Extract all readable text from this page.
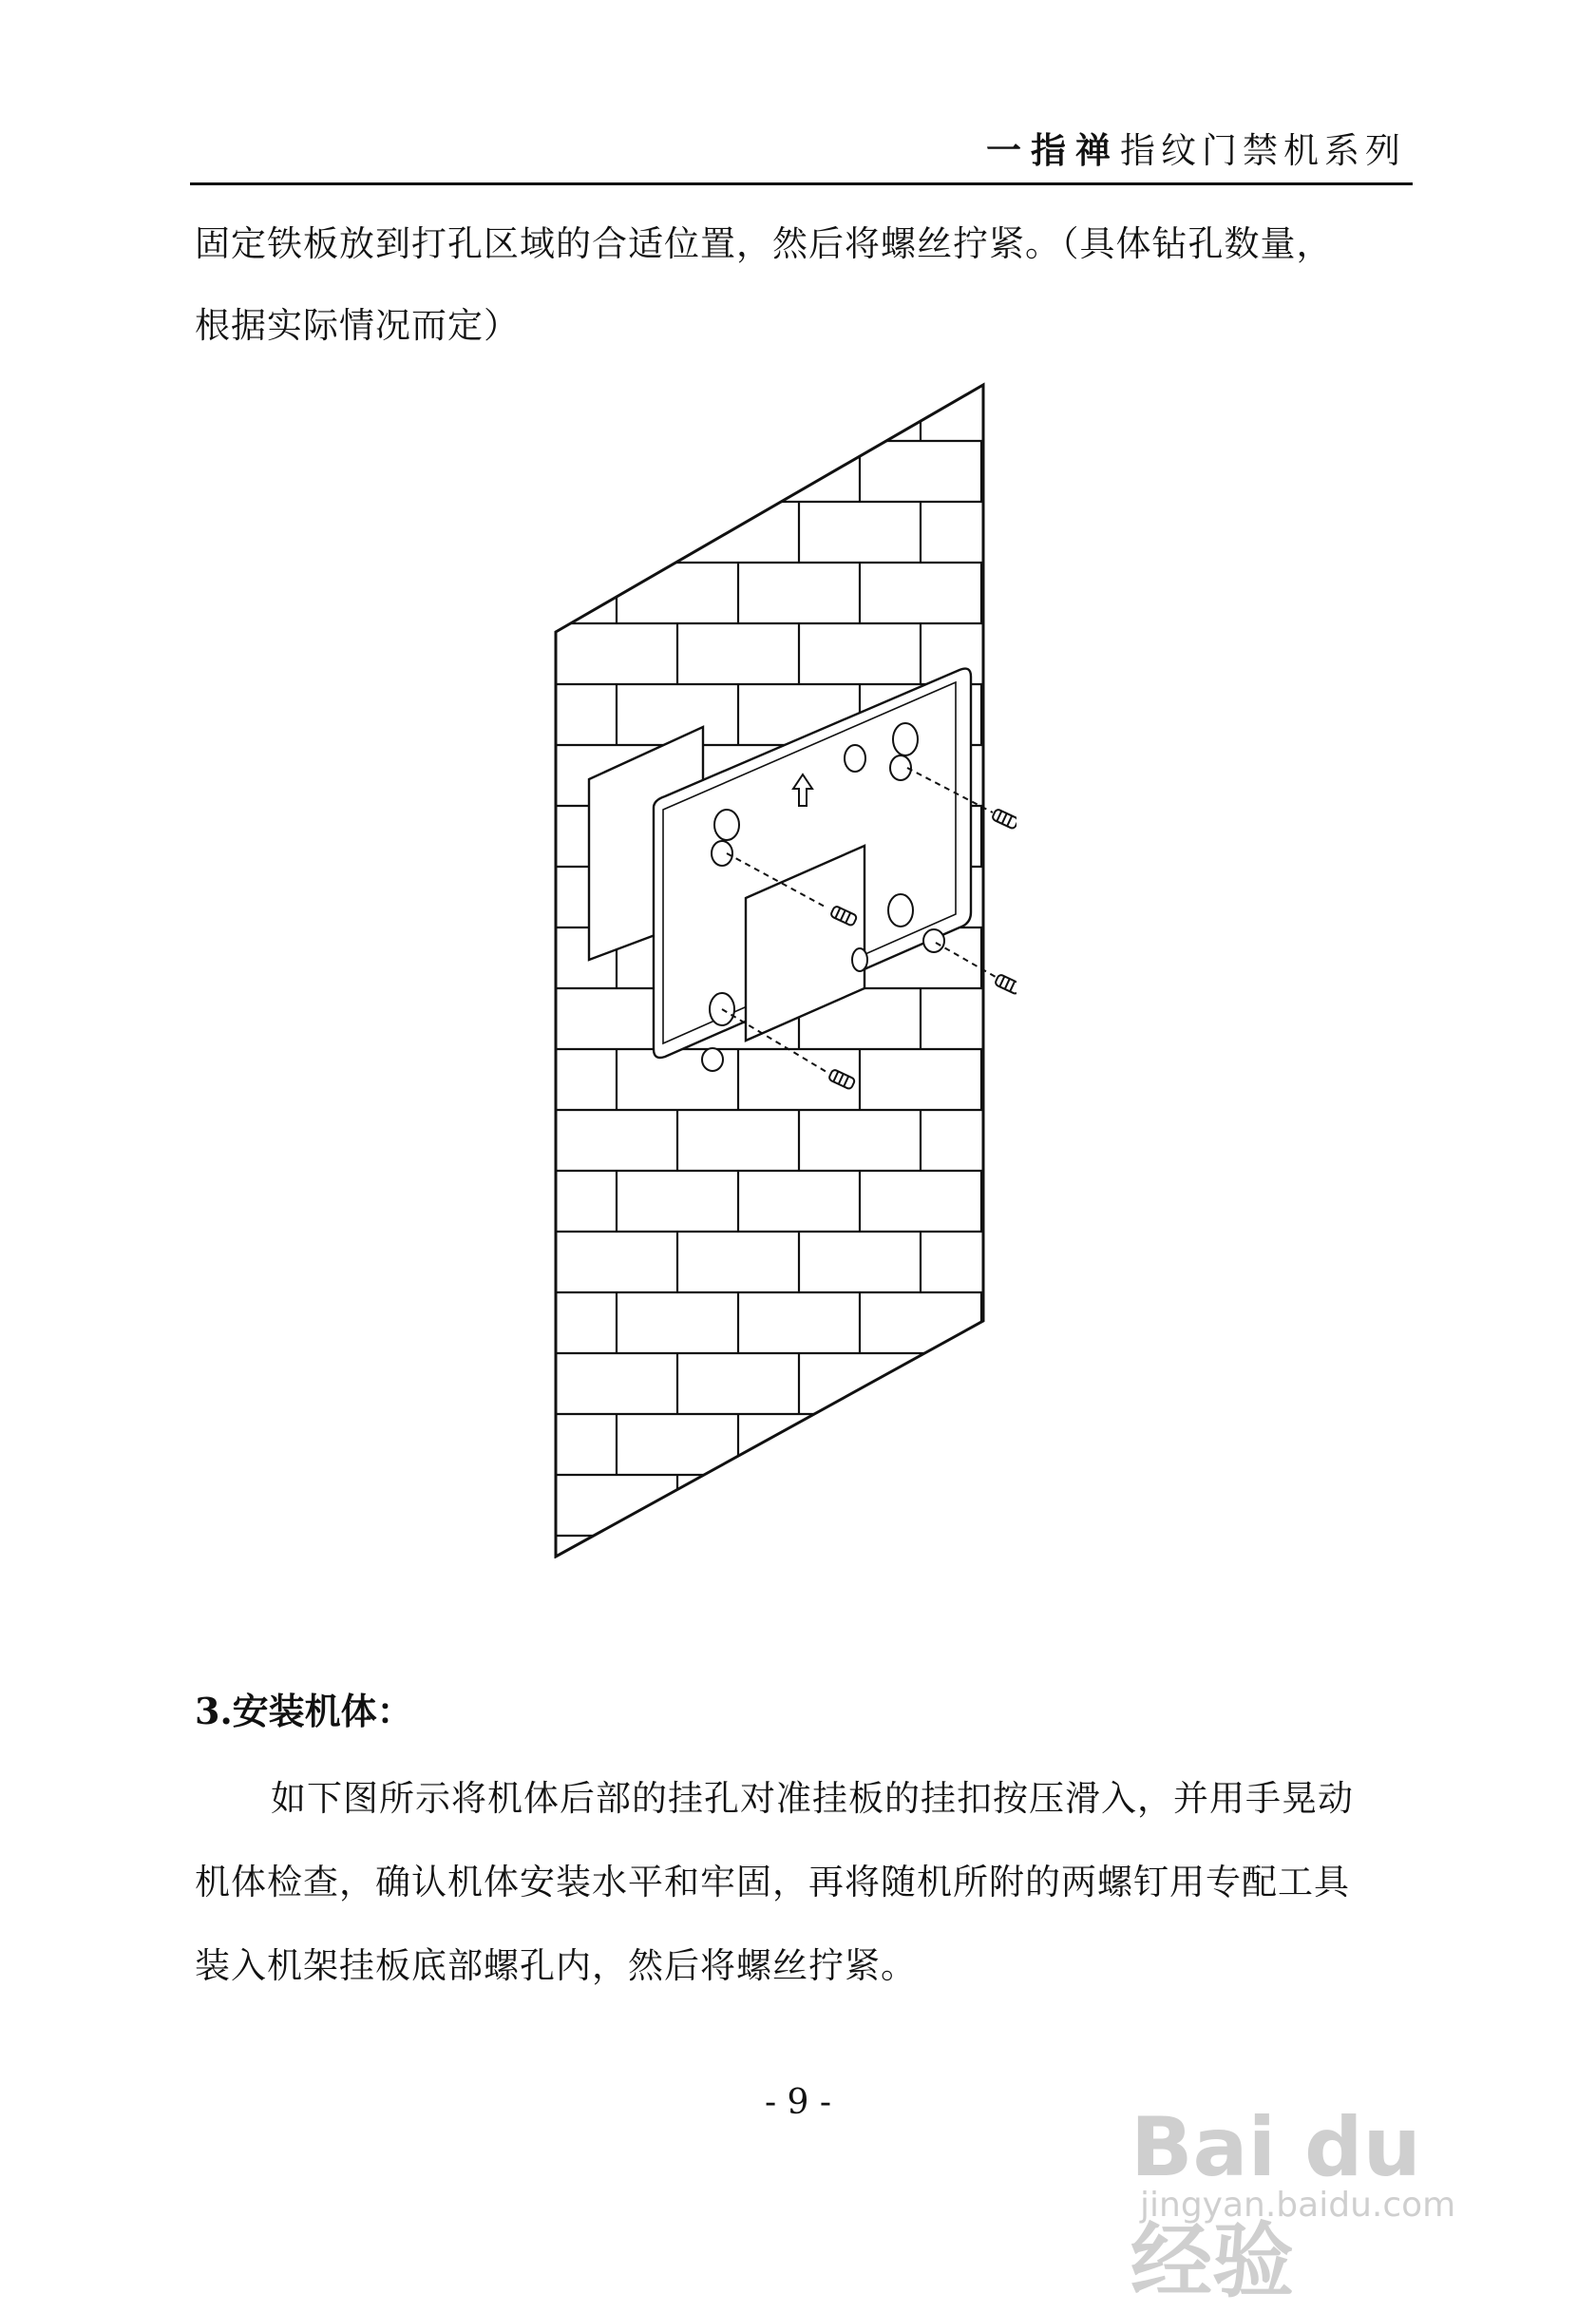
一指禅指纹门禁机系列
固定铁板放到打孔区域的合适位置，然后将螺丝拧紧。（具体钻孔数量，
根据实际情况而定）
3.安装机体：
如下图所示将机体后部的挂孔对准挂板的挂扣按压滑入，并用手晃动
机体检查，确认机体安装水平和牢固，再将随机所附的两螺钉用专配工具
装入机架挂板底部螺孔内，然后将螺丝拧紧。
- 9 -	Bai du 经验
jingyan.baidu.com
